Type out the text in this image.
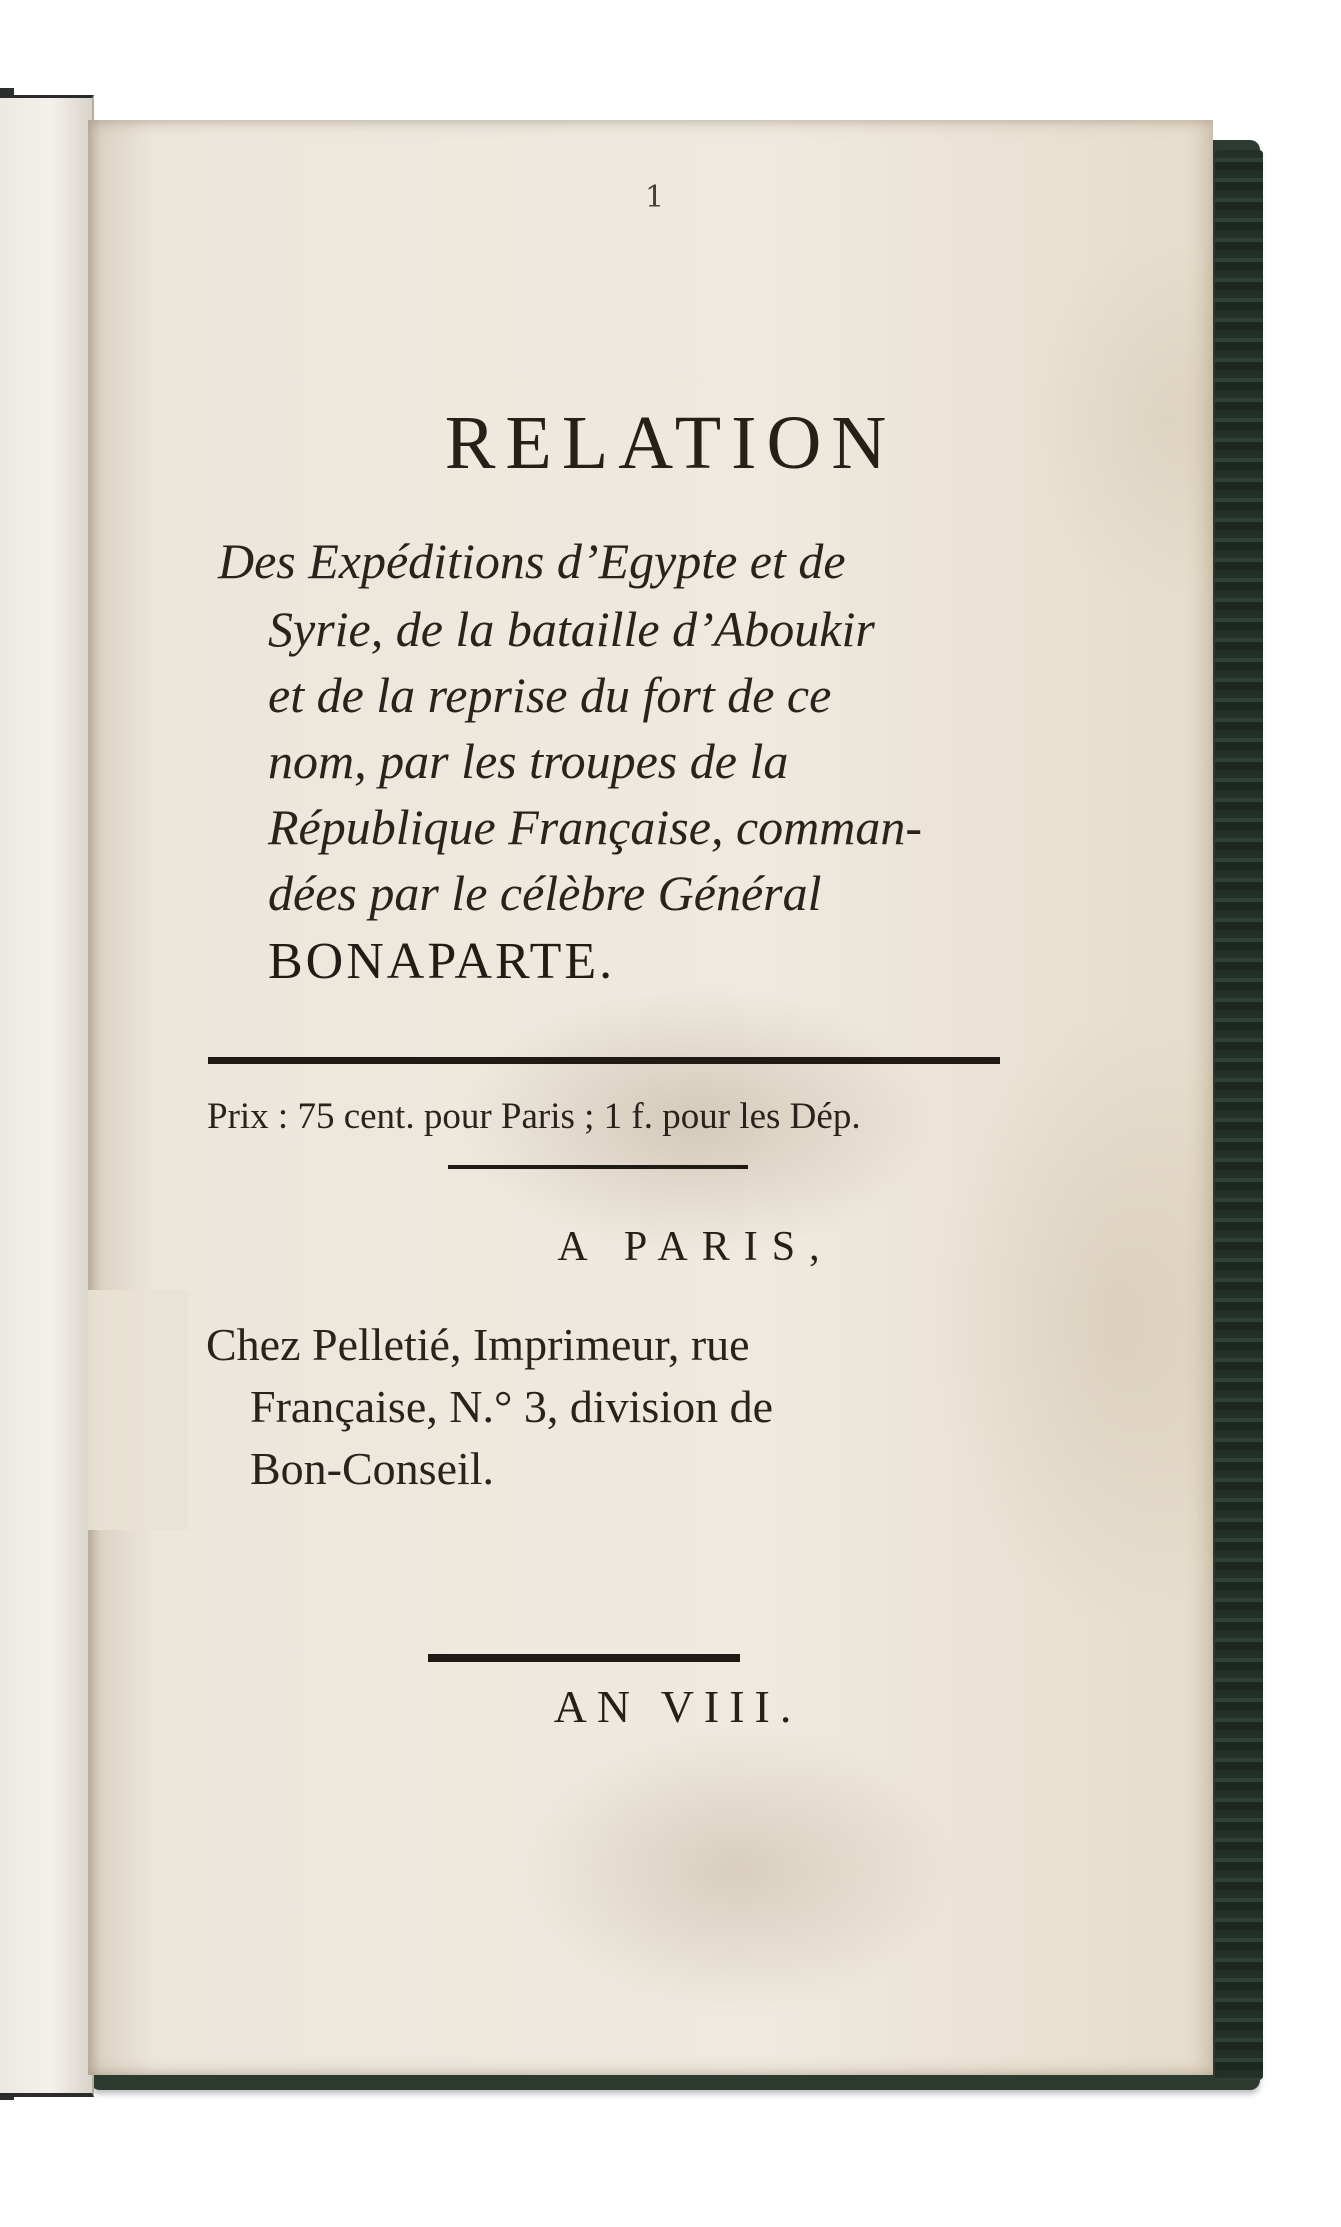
1
RELATION
Des Expéditions d’Egypte et de
Syrie, de la bataille d’Aboukir
et de la reprise du fort de ce
nom, par les troupes de la
République Française, comman-
dées par le célèbre Général
BONAPARTE.
Prix : 75 cent. pour Paris ; 1 f. pour les Dép.
A PARIS,
Chez Pelletié, Imprimeur, rue
Française, N.° 3, division de
Bon-Conseil.
AN VIII.
